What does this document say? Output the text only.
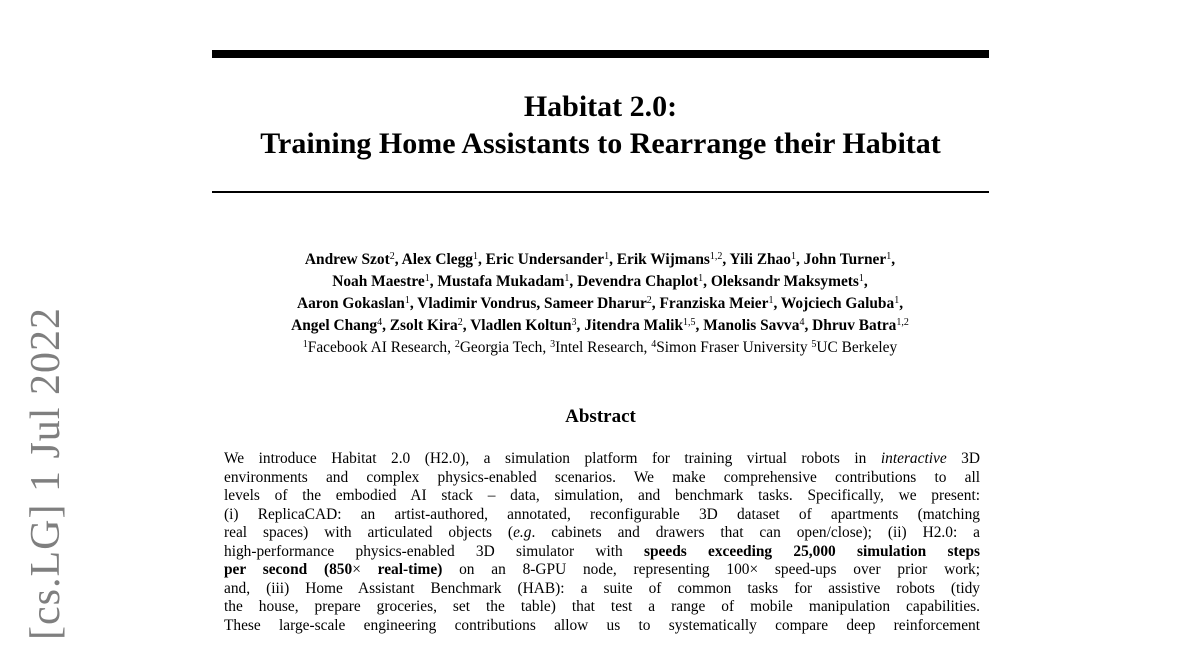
Habitat 2.0:
Training Home Assistants to Rearrange their Habitat
Andrew Szot$^2$, Alex Clegg$^1$, Eric Undersander$^1$, Erik Wijmans$^{1,2}$, Yili Zhao$^1$, John Turner$^1$,
Noah Maestre$^1$, Mustafa Mukadam$^1$, Devendra Chaplot$^1$, Oleksandr Maksymets$^1$,
Aaron Gokaslan$^1$, Vladimir Vondrus, Sameer Dharur$^2$, Franziska Meier$^1$, Wojciech Galuba$^1$,
Angel Chang$^4$, Zsolt Kira$^2$, Vladlen Koltun$^3$, Jitendra Malik$^{1,5}$, Manolis Savva$^4$, Dhruv Batra$^{1,2}$
$^1$Facebook AI Research, $^2$Georgia Tech, $^3$Intel Research, $^4$Simon Fraser University $^5$UC Berkeley
Abstract
We introduce Habitat 2.0 (H2.0), a simulation platform for training virtual robots in interactive 3D
environments and complex physics-enabled scenarios. We make comprehensive contributions to all
levels of the embodied AI stack – data, simulation, and benchmark tasks. Specifically, we present:
(i) ReplicaCAD: an artist-authored, annotated, reconfigurable 3D dataset of apartments (matching
real spaces) with articulated objects (e.g. cabinets and drawers that can open/close); (ii) H2.0: a
high-performance physics-enabled 3D simulator with speeds exceeding 25,000 simulation steps
per second (850× real-time) on an 8-GPU node, representing 100× speed-ups over prior work;
and, (iii) Home Assistant Benchmark (HAB): a suite of common tasks for assistive robots (tidy
the house, prepare groceries, set the table) that test a range of mobile manipulation capabilities.
These large-scale engineering contributions allow us to systematically compare deep reinforcement
[cs.LG] 1 Jul 2022
